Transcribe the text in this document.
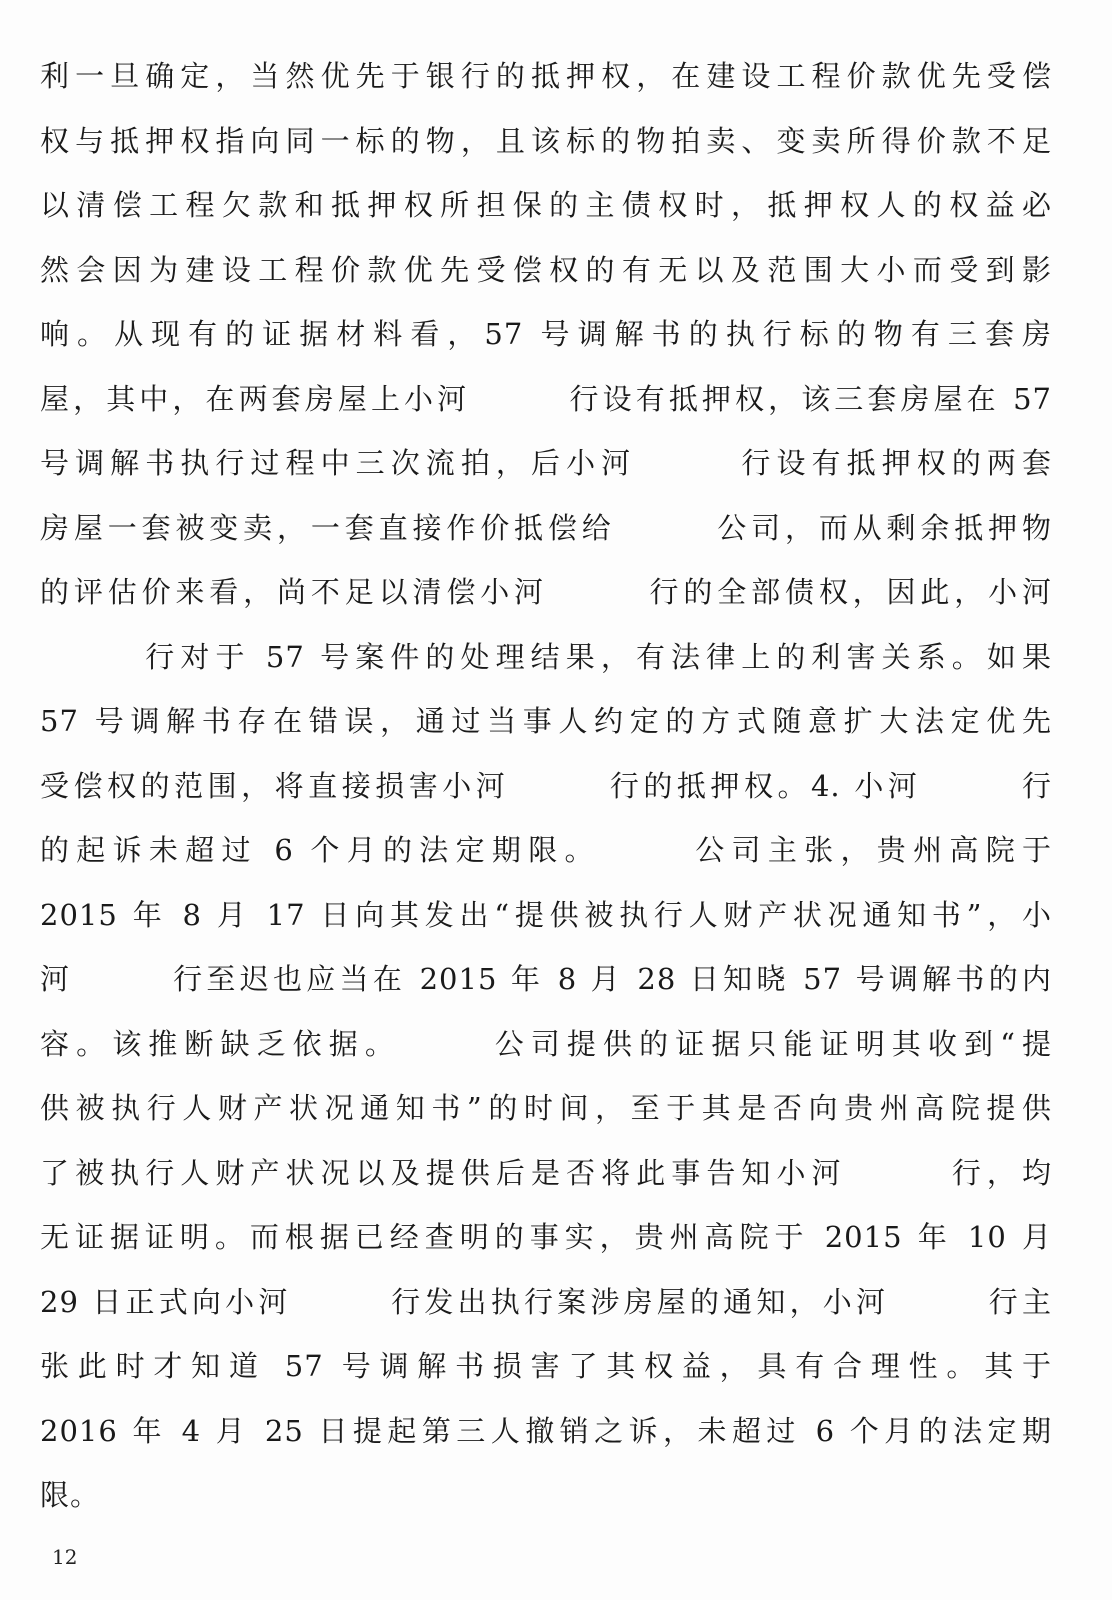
利一旦确定，当然优先于银行的抵押权，在建设工程价款优先受偿
权与抵押权指向同一标的物，且该标的物拍卖、变卖所得价款不足
以清偿工程欠款和抵押权所担保的主债权时，抵押权人的权益必
然会因为建设工程价款优先受偿权的有无以及范围大小而受到影
响。从现有的证据材料看，57 号调解书的执行标的物有三套房
屋，其中，在两套房屋上小河　　　行设有抵押权，该三套房屋在 57
号调解书执行过程中三次流拍，后小河　　　行设有抵押权的两套
房屋一套被变卖，一套直接作价抵偿给　　　公司，而从剩余抵押物
的评估价来看，尚不足以清偿小河　　　行的全部债权，因此，小河
　　　行对于 57 号案件的处理结果，有法律上的利害关系。如果
57 号调解书存在错误，通过当事人约定的方式随意扩大法定优先
受偿权的范围，将直接损害小河　　　行的抵押权。4. 小河　　　行
的起诉未超过 6 个月的法定期限。　　　公司主张，贵州高院于
2015 年 8 月 17 日向其发出“提供被执行人财产状况通知书”，小
河　　　行至迟也应当在 2015 年 8 月 28 日知晓 57 号调解书的内
容。该推断缺乏依据。　　　公司提供的证据只能证明其收到“提
供被执行人财产状况通知书”的时间，至于其是否向贵州高院提供
了被执行人财产状况以及提供后是否将此事告知小河　　　行，均
无证据证明。而根据已经查明的事实，贵州高院于 2015 年 10 月
29 日正式向小河　　　行发出执行案涉房屋的通知，小河　　　行主
张此时才知道 57 号调解书损害了其权益，具有合理性。其于
2016 年 4 月 25 日提起第三人撤销之诉，未超过 6 个月的法定期
限。
12
